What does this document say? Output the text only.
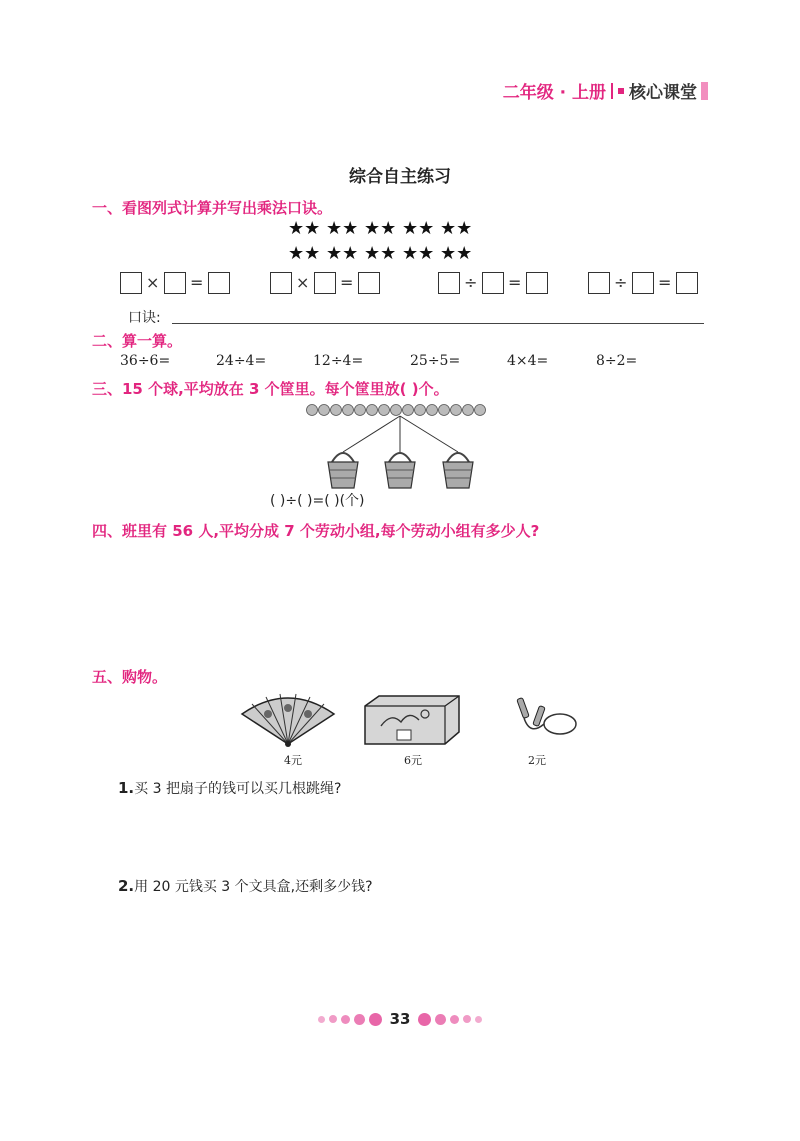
二年级 · 上册 核心课堂
综合自主练习
一、看图列式计算并写出乘法口诀。
★★ ★★ ★★ ★★ ★★
★★ ★★ ★★ ★★ ★★
× =	× =	÷ =	÷ =
口诀:
二、算一算。
36÷6=	24÷4=	12÷4=	25÷5=	4×4=	8÷2=
三、15 个球,平均放在 3 个筐里。每个筐里放( )个。
( )÷( )=( )(个)
四、班里有 56 人,平均分成 7 个劳动小组,每个劳动小组有多少人?
五、购物。
4元	6元	2元
1.买 3 把扇子的钱可以买几根跳绳?
2.用 20 元钱买 3 个文具盒,还剩多少钱?
33
